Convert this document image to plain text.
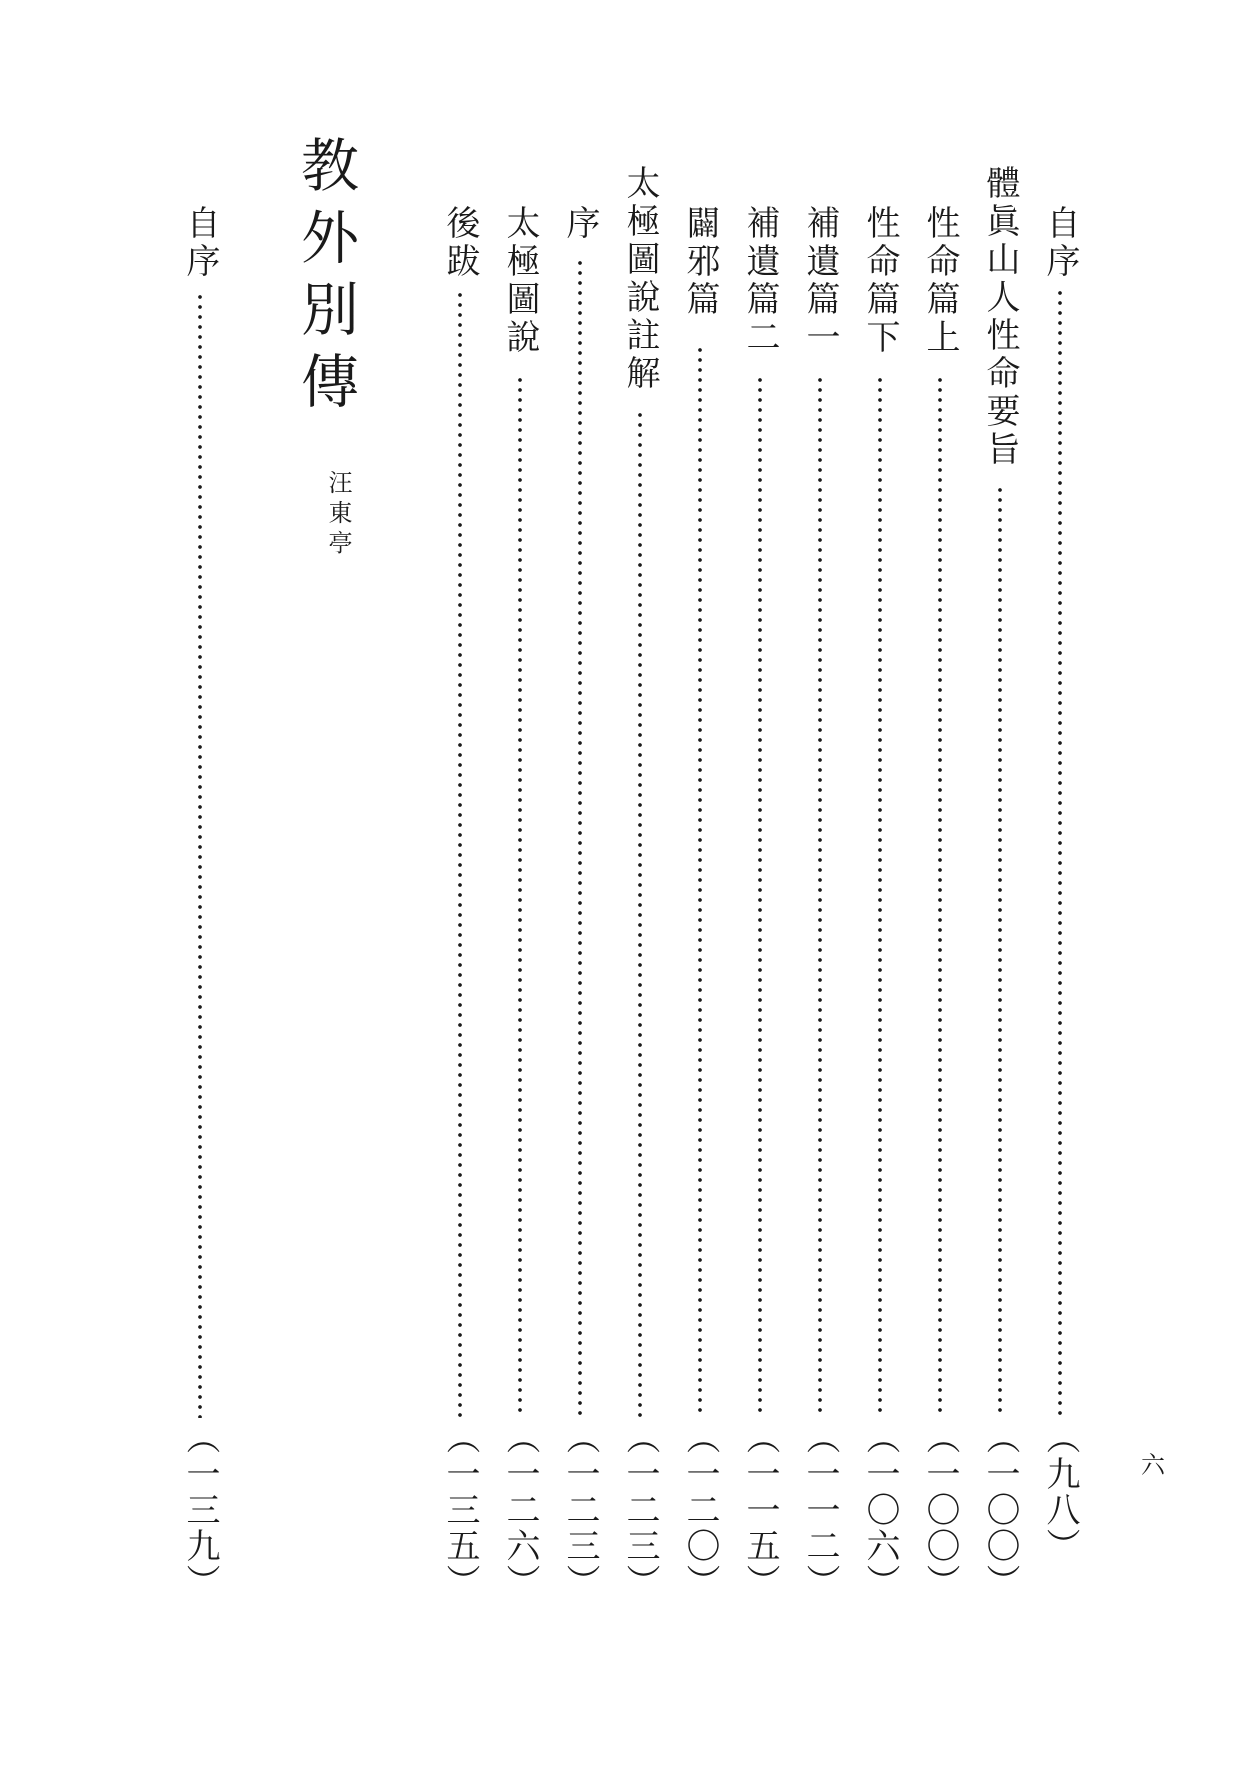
六
自序
（九八）
體眞山人性命要旨
（一〇〇）
性命篇上
（一〇〇）
性命篇下
（一〇六）
補遺篇一
（一一二）
補遺篇二
（一一五）
闢邪篇
（一二〇）
太極圖說註解
（一二三）
序
（一二三）
太極圖說
（一二六）
後跋
（一三五）
教外別傳
汪東亭
自序
（一三九）
